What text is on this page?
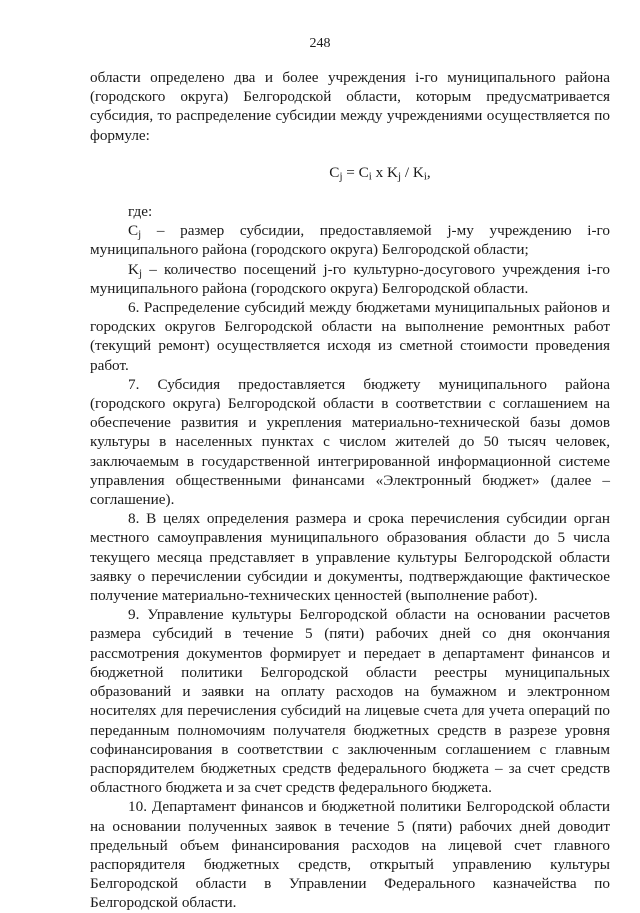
248

области определено два и более учреждения i-го муниципального района (городского округа) Белгородской области, которым предусматривается субсидия, то распределение субсидии между учреждениями осуществляется по формуле:

$C_j = C_i$ x $K_j / K_i$,

где:

$C_j$ – размер субсидии, предоставляемой j-му учреждению i-го муниципального района (городского округа) Белгородской области;

$K_j$ – количество посещений j-го культурно-досугового учреждения i-го муниципального района (городского округа) Белгородской области.

6. Распределение субсидий между бюджетами муниципальных районов и городских округов Белгородской области на выполнение ремонтных работ (текущий ремонт) осуществляется исходя из сметной стоимости проведения работ.

7. Субсидия предоставляется бюджету муниципального района (городского округа) Белгородской области в соответствии с соглашением на обеспечение развития и укрепления материально-технической базы домов культуры в населенных пунктах с числом жителей до 50 тысяч человек, заключаемым в государственной интегрированной информационной системе управления общественными финансами «Электронный бюджет» (далее – соглашение).

8. В целях определения размера и срока перечисления субсидии орган местного самоуправления муниципального образования области до 5 числа текущего месяца представляет в управление культуры Белгородской области заявку о перечислении субсидии и документы, подтверждающие фактическое получение материально-технических ценностей (выполнение работ).

9. Управление культуры Белгородской области на основании расчетов размера субсидий в течение 5 (пяти) рабочих дней со дня окончания рассмотрения документов формирует и передает в департамент финансов и бюджетной политики Белгородской области реестры муниципальных образований и заявки на оплату расходов на бумажном и электронном носителях для перечисления субсидий на лицевые счета для учета операций по переданным полномочиям получателя бюджетных средств в разрезе уровня софинансирования в соответствии с заключенным соглашением с главным распорядителем бюджетных средств федерального бюджета – за счет средств областного бюджета и за счет средств федерального бюджета.

10. Департамент финансов и бюджетной политики Белгородской области на основании полученных заявок в течение 5 (пяти) рабочих дней доводит предельный объем финансирования расходов на лицевой счет главного распорядителя бюджетных средств, открытый управлению культуры Белгородской области в Управлении Федерального казначейства по Белгородской области.
